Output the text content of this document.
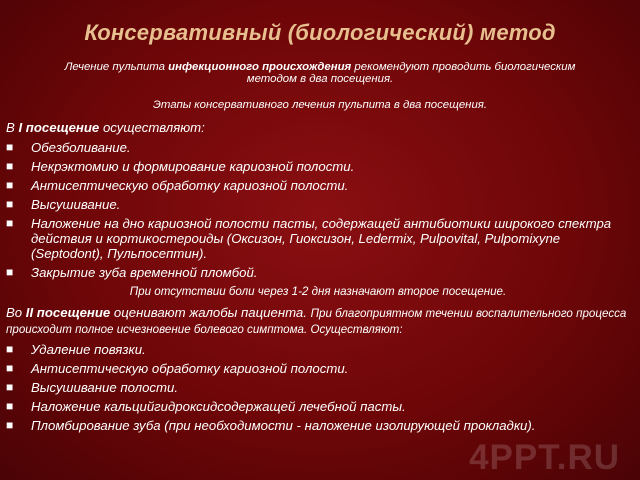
Консервативный (биологический) метод
Лечение пульпита инфекционного происхождения рекомендуют проводить биологическим методом в два посещения.
Этапы консервативного лечения пульпита в два посещения.

В I посещение осуществляют:

■ Обезболивание.
■ Некрэктомию и формирование кариозной полости.
■ Антисептическую обработку кариозной полости.
■ Высушивание.
■ Наложение на дно кариозной полости пасты, содержащей антибиотики широкого спектра действия и кортикостероиды (Оксизон, Гиоксизон, Ledermix, Pulpovital, Pulpomixyne (Septodont), Пульпосептин).
■ Закрытие зуба временной пломбой.

При отсутствии боли через 1-2 дня назначают второе посещение.

Во II посещение оценивают жалобы пациента. При благоприятном течении воспалительного процесса происходит полное исчезновение болевого симптома. Осуществляют:

■ Удаление повязки.
■ Антисептическую обработку кариозной полости.
■ Высушивание полости.
■ Наложение кальцийгидроксидсодержащей лечебной пасты.
■ Пломбирование зуба (при необходимости - наложение изолирующей прокладки).
4PPT.RU
